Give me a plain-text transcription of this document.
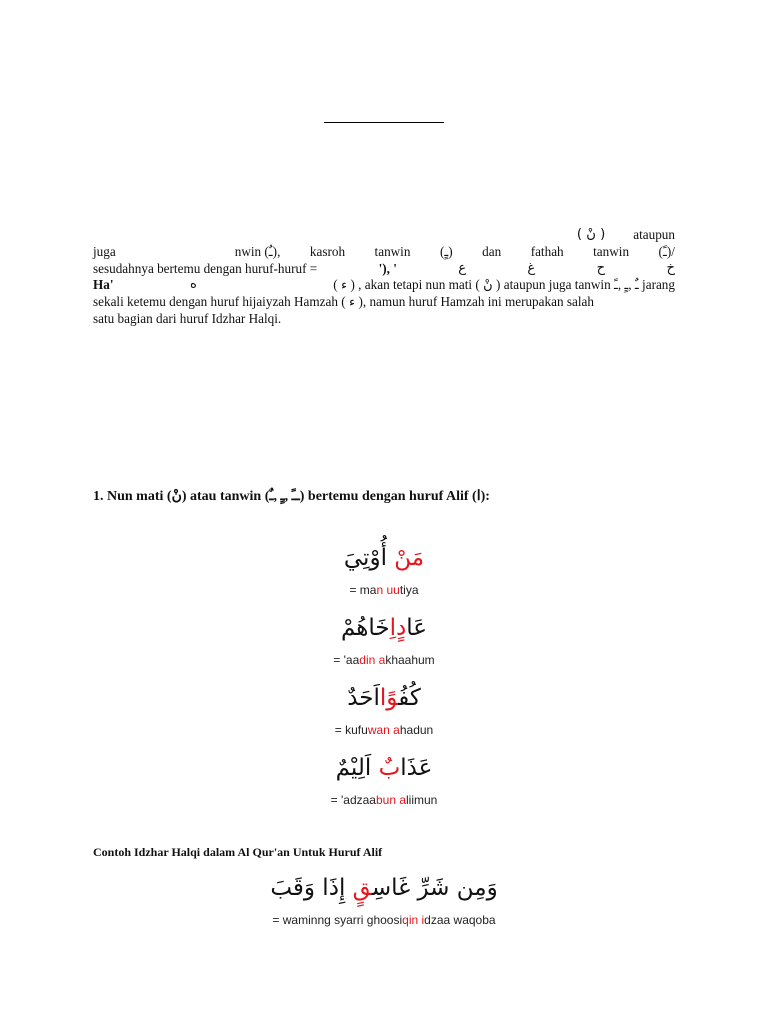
( نْ ) ataupun
juga	nwin (ـٌ), kasroh tanwin (ـٍ) dan fathah tanwin (ـً)/
sesudahnya bertemu dengan huruf-huruf =	'), '	ع	غ	ح	خ
Ha'	ه	( ء ) , akan tetapi nun mati ( نْ ) ataupun juga tanwin ـٌ ,ـٍ ,ـً jarang
sekali ketemu dengan huruf hijaiyzah Hamzah ( ء ), namun huruf Hamzah ini merupakan salah
satu bagian dari huruf Idzhar Halqi.
1. Nun mati (نْ) atau tanwin (ــً ,ـٍ ,ـٌ) bertemu dengan huruf Alif (ا):
مَنْ أُوْتِيَ
= man uutiya
عَادٍاِخَاهُمْ
= 'aadin akhaahum
كُفُوًااَحَدٌ
= kufuwan ahadun
عَذَابٌ اَلِيْمٌ
= 'adzaabun aliimun
Contoh Idzhar Halqi dalam Al Qur'an Untuk Huruf Alif
وَمِن شَرِّ غَاسِقٍ إِذَا وَقَبَ
= waminng syarri ghoosiqin idzaa waqoba
